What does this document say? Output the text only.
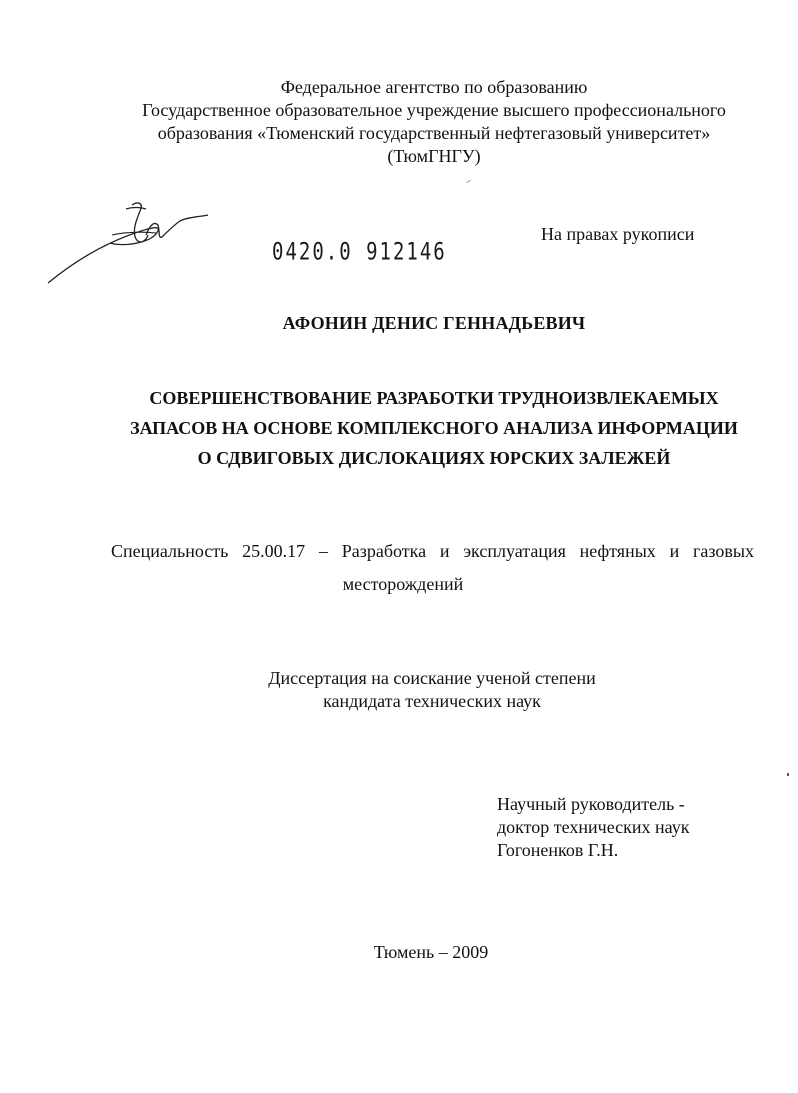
Федеральное агентство по образованию
Государственное образовательное учреждение высшего профессионального
образования «Тюменский государственный нефтегазовый университет»
(ТюмГНГУ)
0420.0 912146
На правах рукописи
АФОНИН ДЕНИС ГЕННАДЬЕВИЧ
СОВЕРШЕНСТВОВАНИЕ РАЗРАБОТКИ ТРУДНОИЗВЛЕКАЕМЫХ
ЗАПАСОВ НА ОСНОВЕ КОМПЛЕКСНОГО АНАЛИЗА ИНФОРМАЦИИ
О СДВИГОВЫХ ДИСЛОКАЦИЯХ ЮРСКИХ ЗАЛЕЖЕЙ
Специальность 25.00.17 – Разработка и эксплуатация нефтяных и газовых
месторождений
Диссертация на соискание ученой степени
кандидата технических наук
Научный руководитель -
доктор технических наук
Гогоненков Г.Н.
Тюмень – 2009
